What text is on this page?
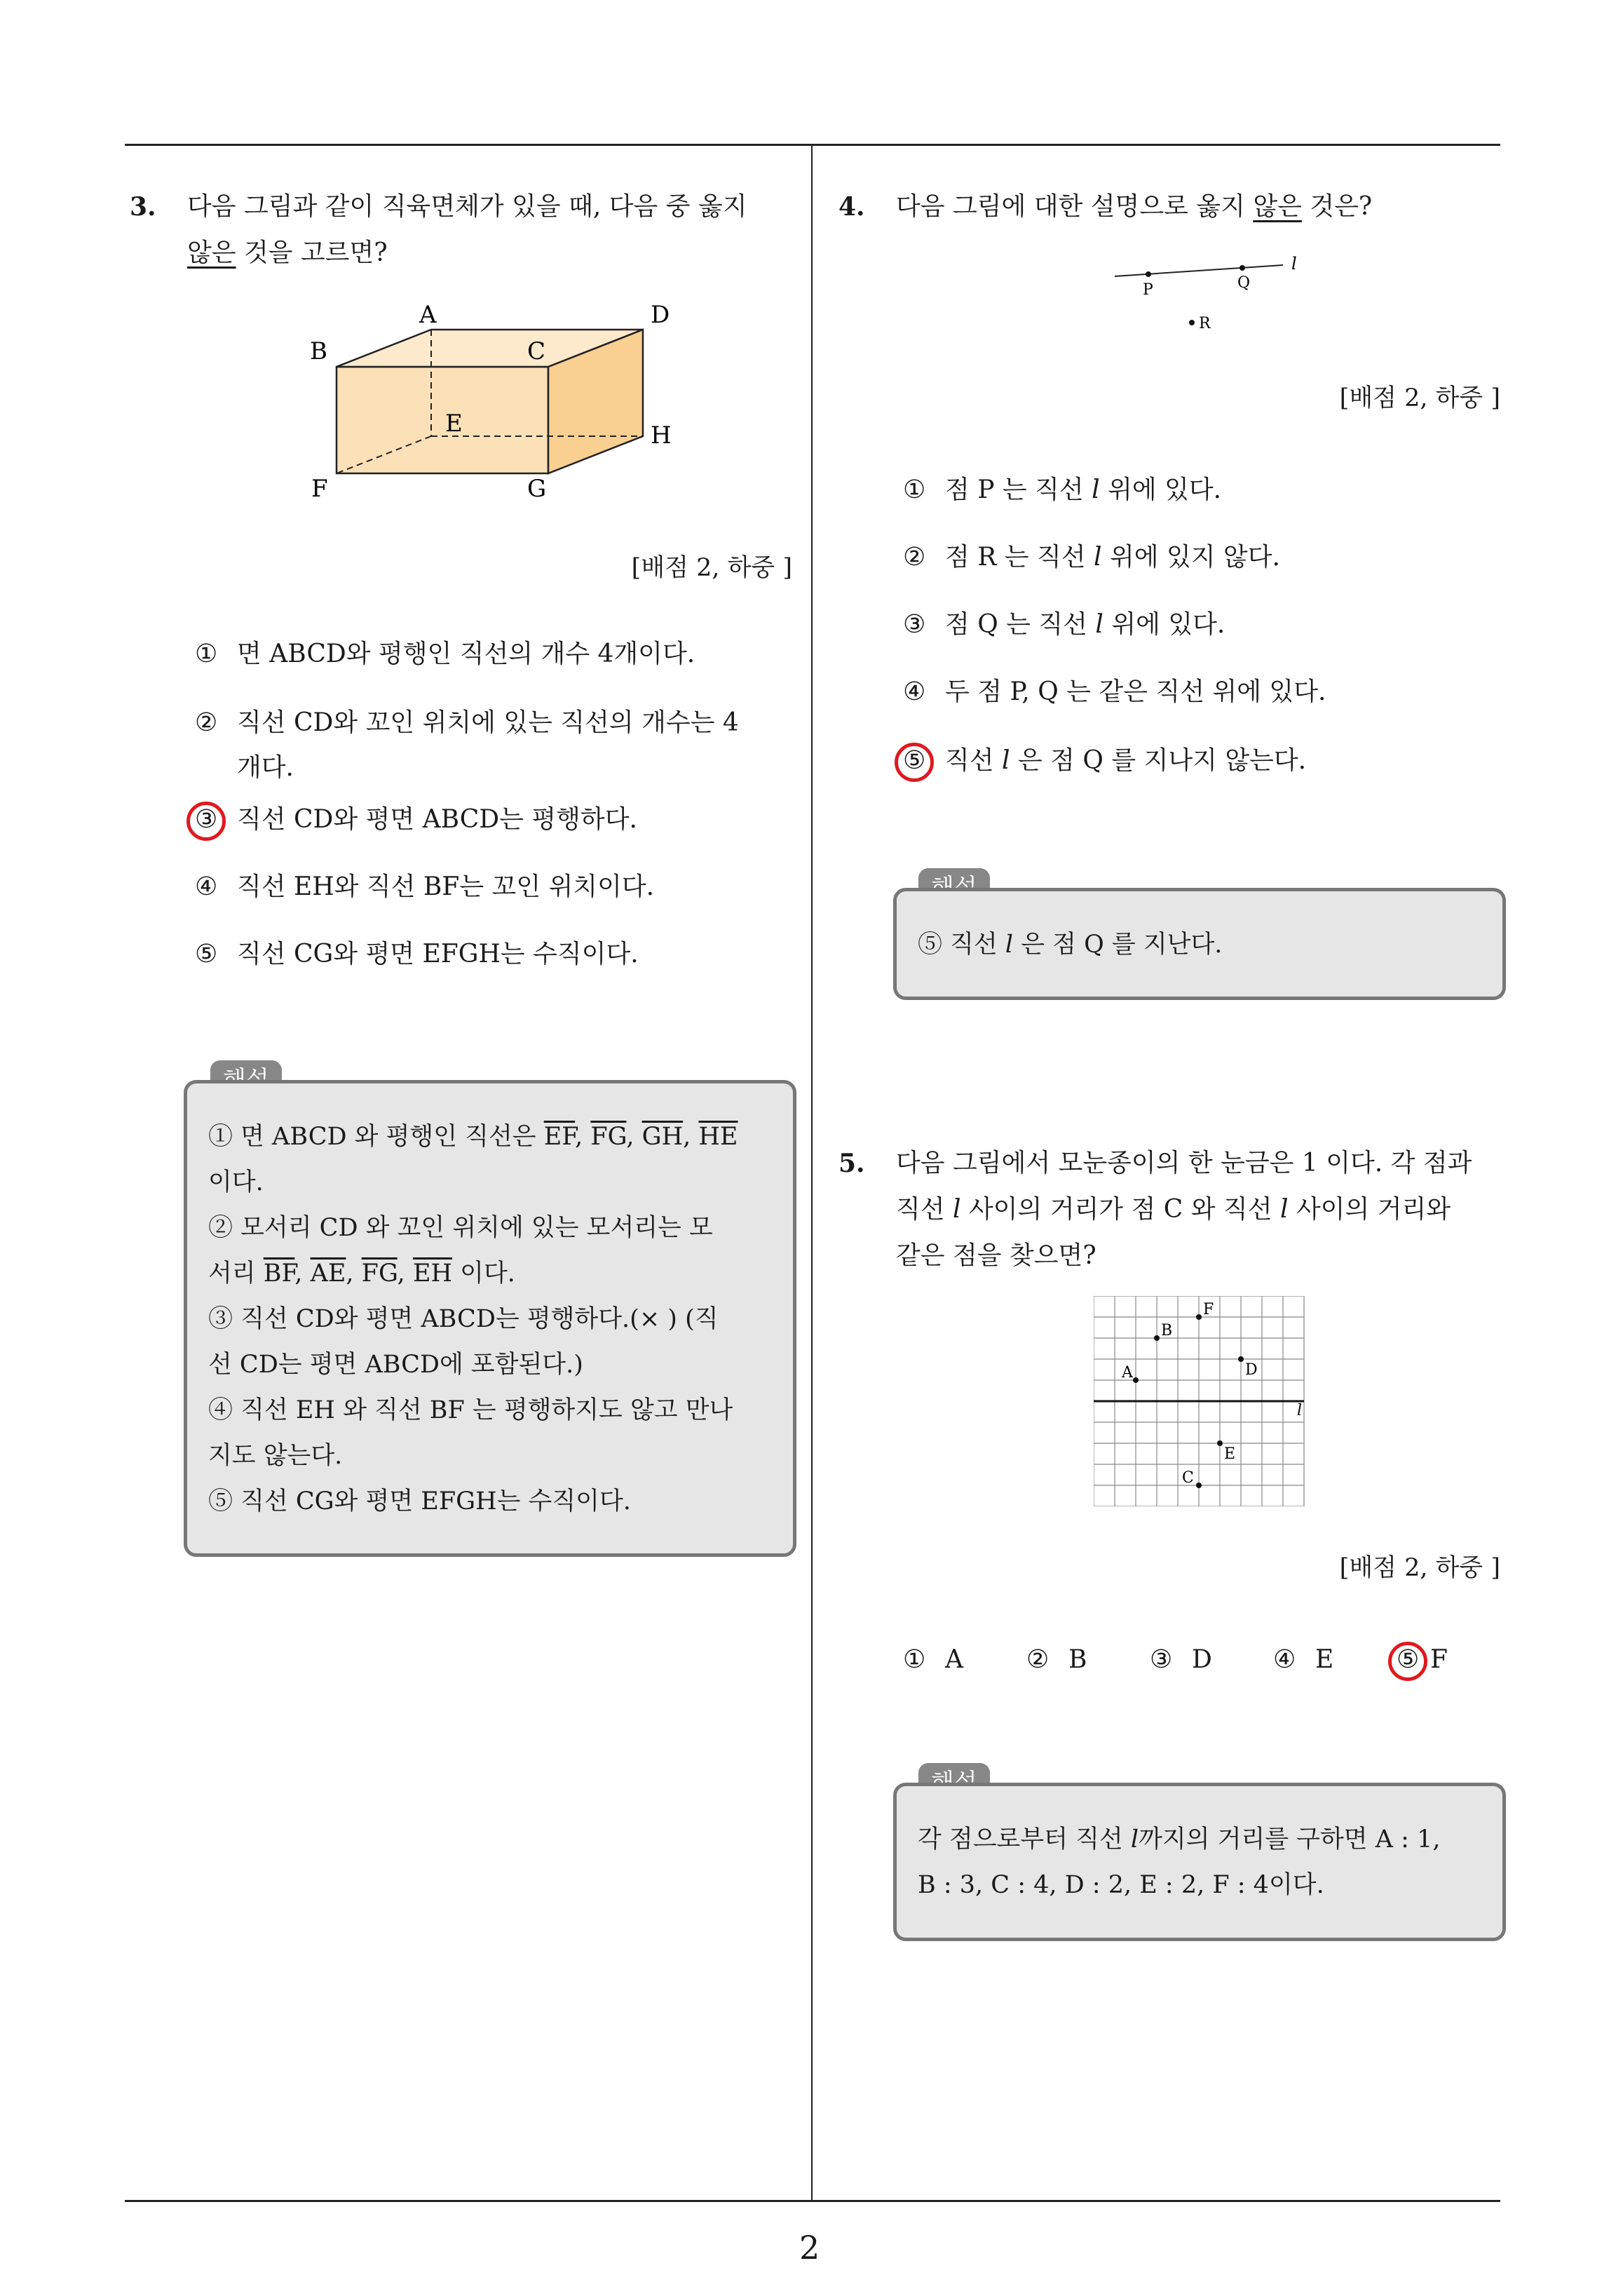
2
3. 다음 그림과 같이 직육면체가 있을 때, 다음 중 옳지
않은 것을 고르면?
A	D
B	C
E	H
F	G
[배점 2, 하중 ]
① 면 ABCD와 평행인 직선의 개수 4개이다.
② 직선 CD와 꼬인 위치에 있는 직선의 개수는 4
개다.
③ 직선 CD와 평면 ABCD는 평행하다.
④ 직선 EH와 직선 BF는 꼬인 위치이다.
⑤ 직선 CG와 평면 EFGH는 수직이다.
① 면 ABCD 와 평행인 직선은 $\overline{EF}$, $\overline{FG}$, $\overline{GH}$, $\overline{HE}$
이다.
② 모서리 CD 와 꼬인 위치에 있는 모서리는 모
서리 $\overline{BF}$, $\overline{AE}$, $\overline{FG}$, $\overline{EH}$ 이다.
③ 직선 CD와 평면 ABCD는 평행하다.(× ) (직
선 CD는 평면 ABCD에 포함된다.)
④ 직선 EH 와 직선 BF 는 평행하지도 않고 만나
지도 않는다.
⑤ 직선 CG와 평면 EFGH는 수직이다.
4. 다음 그림에 대한 설명으로 옳지 않은 것은?
P	Q
R
l
[배점 2, 하중 ]
① 점 P 는 직선 l 위에 있다.
② 점 R 는 직선 l 위에 있지 않다.
③ 점 Q 는 직선 l 위에 있다.
④ 두 점 P, Q 는 같은 직선 위에 있다.
⑤ 직선 l 은 점 Q 를 지나지 않는다.
⑤ 직선 l 은 점 Q 를 지난다.
5. 다음 그림에서 모눈종이의 한 눈금은 1 이다. 각 점과
직선 l 사이의 거리가 점 C 와 직선 l 사이의 거리와
같은 점을 찾으면?
l
A
B
F
D
E
C
[배점 2, 하중 ]
① A	② B ③ D ④ E ⑤ F
각 점으로부터 직선 l까지의 거리를 구하면 A : 1,
B : 3, C : 4, D : 2, E : 2, F : 4이다.
